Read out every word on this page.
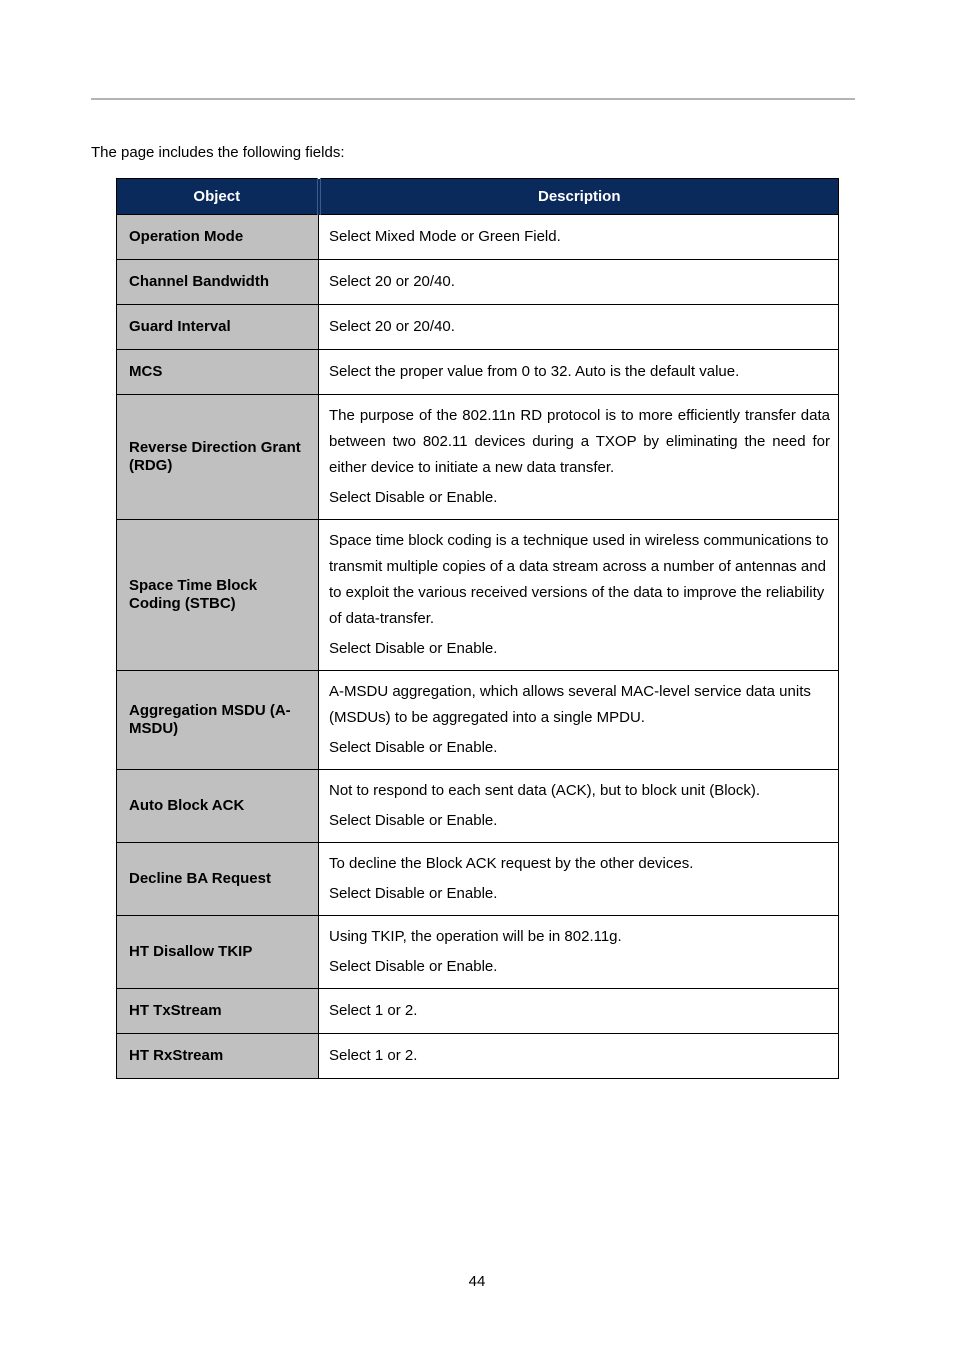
The page includes the following fields:
Object	Description
Operation Mode	Select Mixed Mode or Green Field.

Channel Bandwidth	Select 20 or 20/40.

Guard Interval	Select 20 or 20/40.

MCS	Select the proper value from 0 to 32. Auto is the default value.

Reverse Direction Grant (RDG)	The purpose of the 802.11n RD protocol is to more efficiently transfer data between two 802.11 devices during a TXOP by eliminating the need for either device to initiate a new data transfer.

Select Disable or Enable.

Space Time Block Coding (STBC)	Space time block coding is a technique used in wireless communications to transmit multiple copies of a data stream across a number of antennas and to exploit the various received versions of the data to improve the reliability of data-transfer.

Select Disable or Enable.

Aggregation MSDU (A-MSDU)	A-MSDU aggregation, which allows several MAC-level service data units (MSDUs) to be aggregated into a single MPDU.

Select Disable or Enable.

Auto Block ACK	Not to respond to each sent data (ACK), but to block unit (Block).

Select Disable or Enable.

Decline BA Request	To decline the Block ACK request by the other devices.

Select Disable or Enable.

HT Disallow TKIP	Using TKIP, the operation will be in 802.11g.

Select Disable or Enable.

HT TxStream	Select 1 or 2.

HT RxStream	Select 1 or 2.

44
